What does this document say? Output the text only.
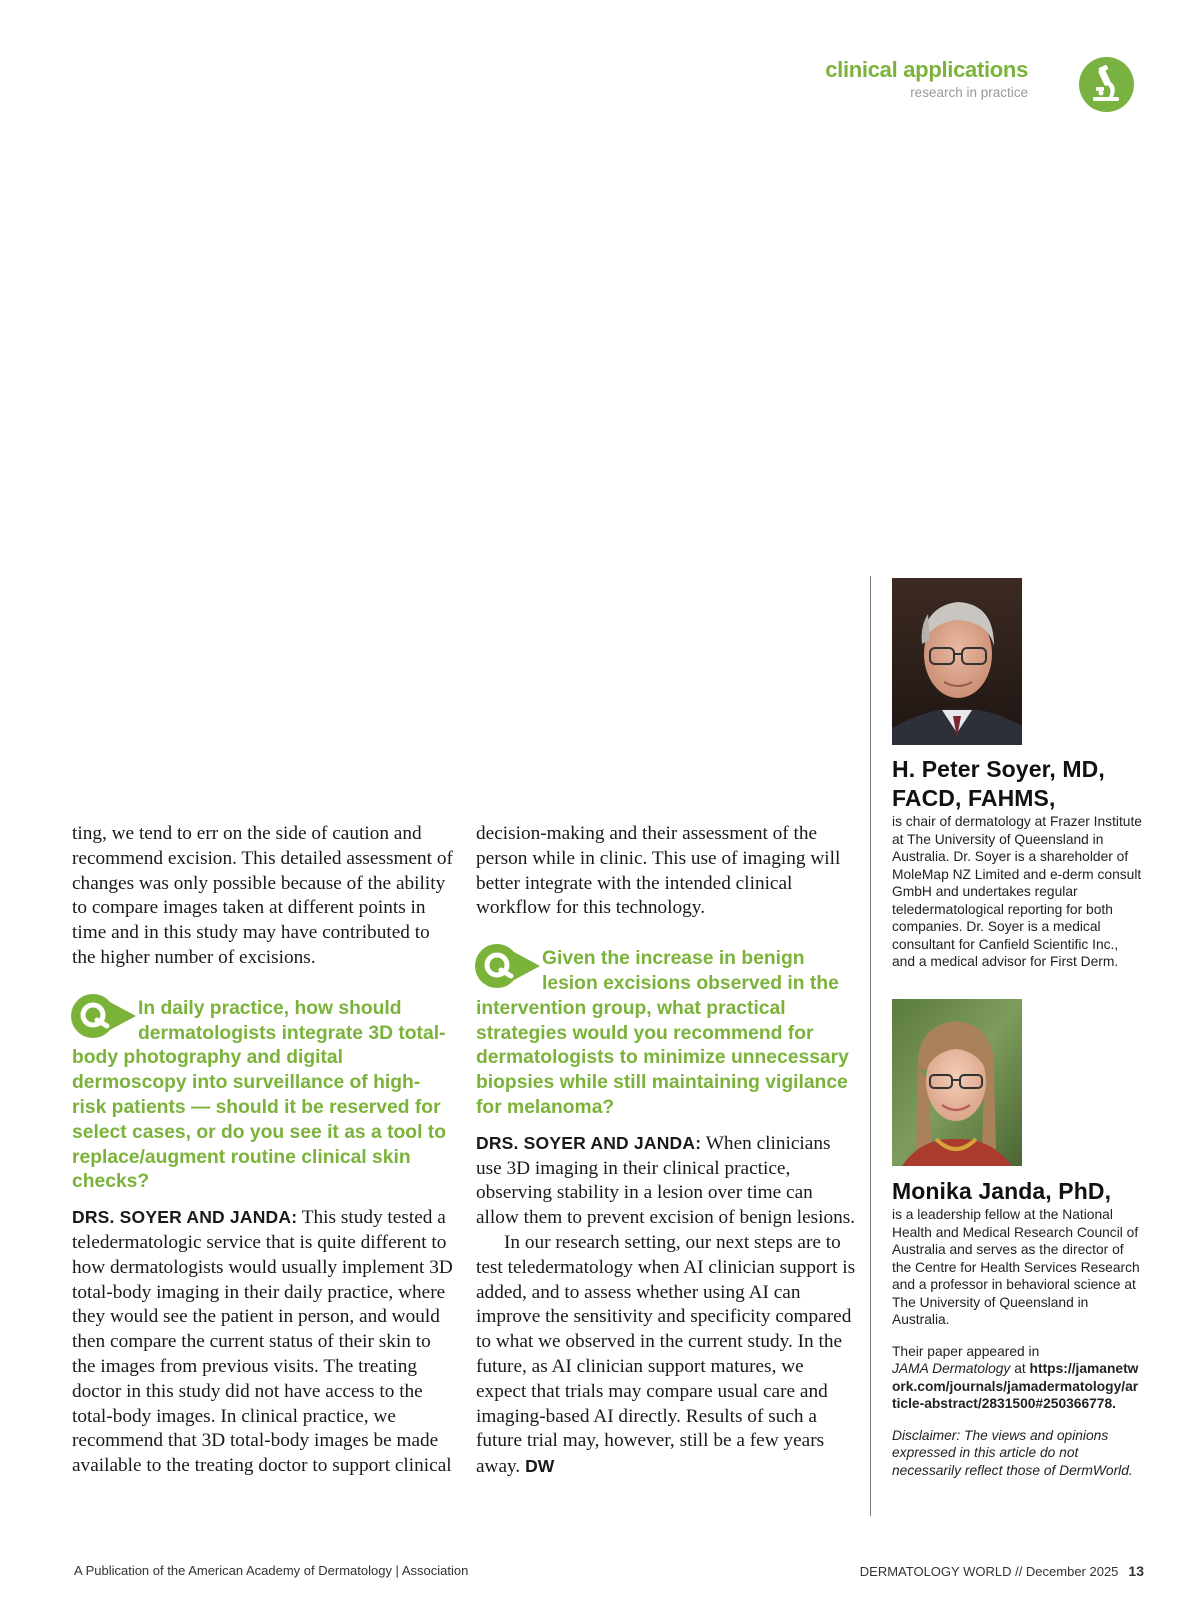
clinical applications
research in practice

ting, we tend to err on the side of caution and recommend excision. This detailed assessment of changes was only possible because of the ability to compare images taken at different points in time and in this study may have contributed to the higher number of excisions.

In daily practice, how should dermatologists integrate 3D total-body photography and digital dermoscopy into surveillance of high-risk patients — should it be reserved for select cases, or do you see it as a tool to replace/augment routine clinical skin checks?

DRS. SOYER AND JANDA: This study tested a teledermatologic service that is quite different to how dermatologists would usually implement 3D total-body imaging in their daily practice, where they would see the patient in person, and would then compare the current status of their skin to the images from previous visits. The treating doctor in this study did not have access to the total-body images. In clinical practice, we recommend that 3D total-body images be made available to the treating doctor to support clinical

decision-making and their assessment of the person while in clinic. This use of imaging will better integrate with the intended clinical workflow for this technology.

Given the increase in benign lesion excisions observed in the intervention group, what practical strategies would you recommend for dermatologists to minimize unnecessary biopsies while still maintaining vigilance for melanoma?

DRS. SOYER AND JANDA: When clinicians use 3D imaging in their clinical practice, observing stability in a lesion over time can allow them to prevent excision of benign lesions.

In our research setting, our next steps are to test teledermatology when AI clinician support is added, and to assess whether using AI can improve the sensitivity and specificity compared to what we observed in the current study. In the future, as AI clinician support matures, we expect that trials may compare usual care and imaging-based AI directly. Results of such a future trial may, however, still be a few years away. DW

H. Peter Soyer, MD, FACD, FAHMS,

is chair of dermatology at Frazer Institute at The University of Queensland in Australia. Dr. Soyer is a shareholder of MoleMap NZ Limited and e-derm consult GmbH and undertakes regular teledermatological reporting for both companies. Dr. Soyer is a medical consultant for Canfield Scientific Inc., and a medical advisor for First Derm.

Monika Janda, PhD,

is a leadership fellow at the National Health and Medical Research Council of Australia and serves as the director of the Centre for Health Services Research and a professor in behavioral science at The University of Queensland in Australia.

Their paper appeared in
JAMA Dermatology at https://jamanetwork.com/journals/jamadermatology/article-abstract/2831500#250366778.

Disclaimer: The views and opinions expressed in this article do not necessarily reflect those of DermWorld.

A Publication of the American Academy of Dermatology | Association	DERMATOLOGY WORLD // December 2025 13
